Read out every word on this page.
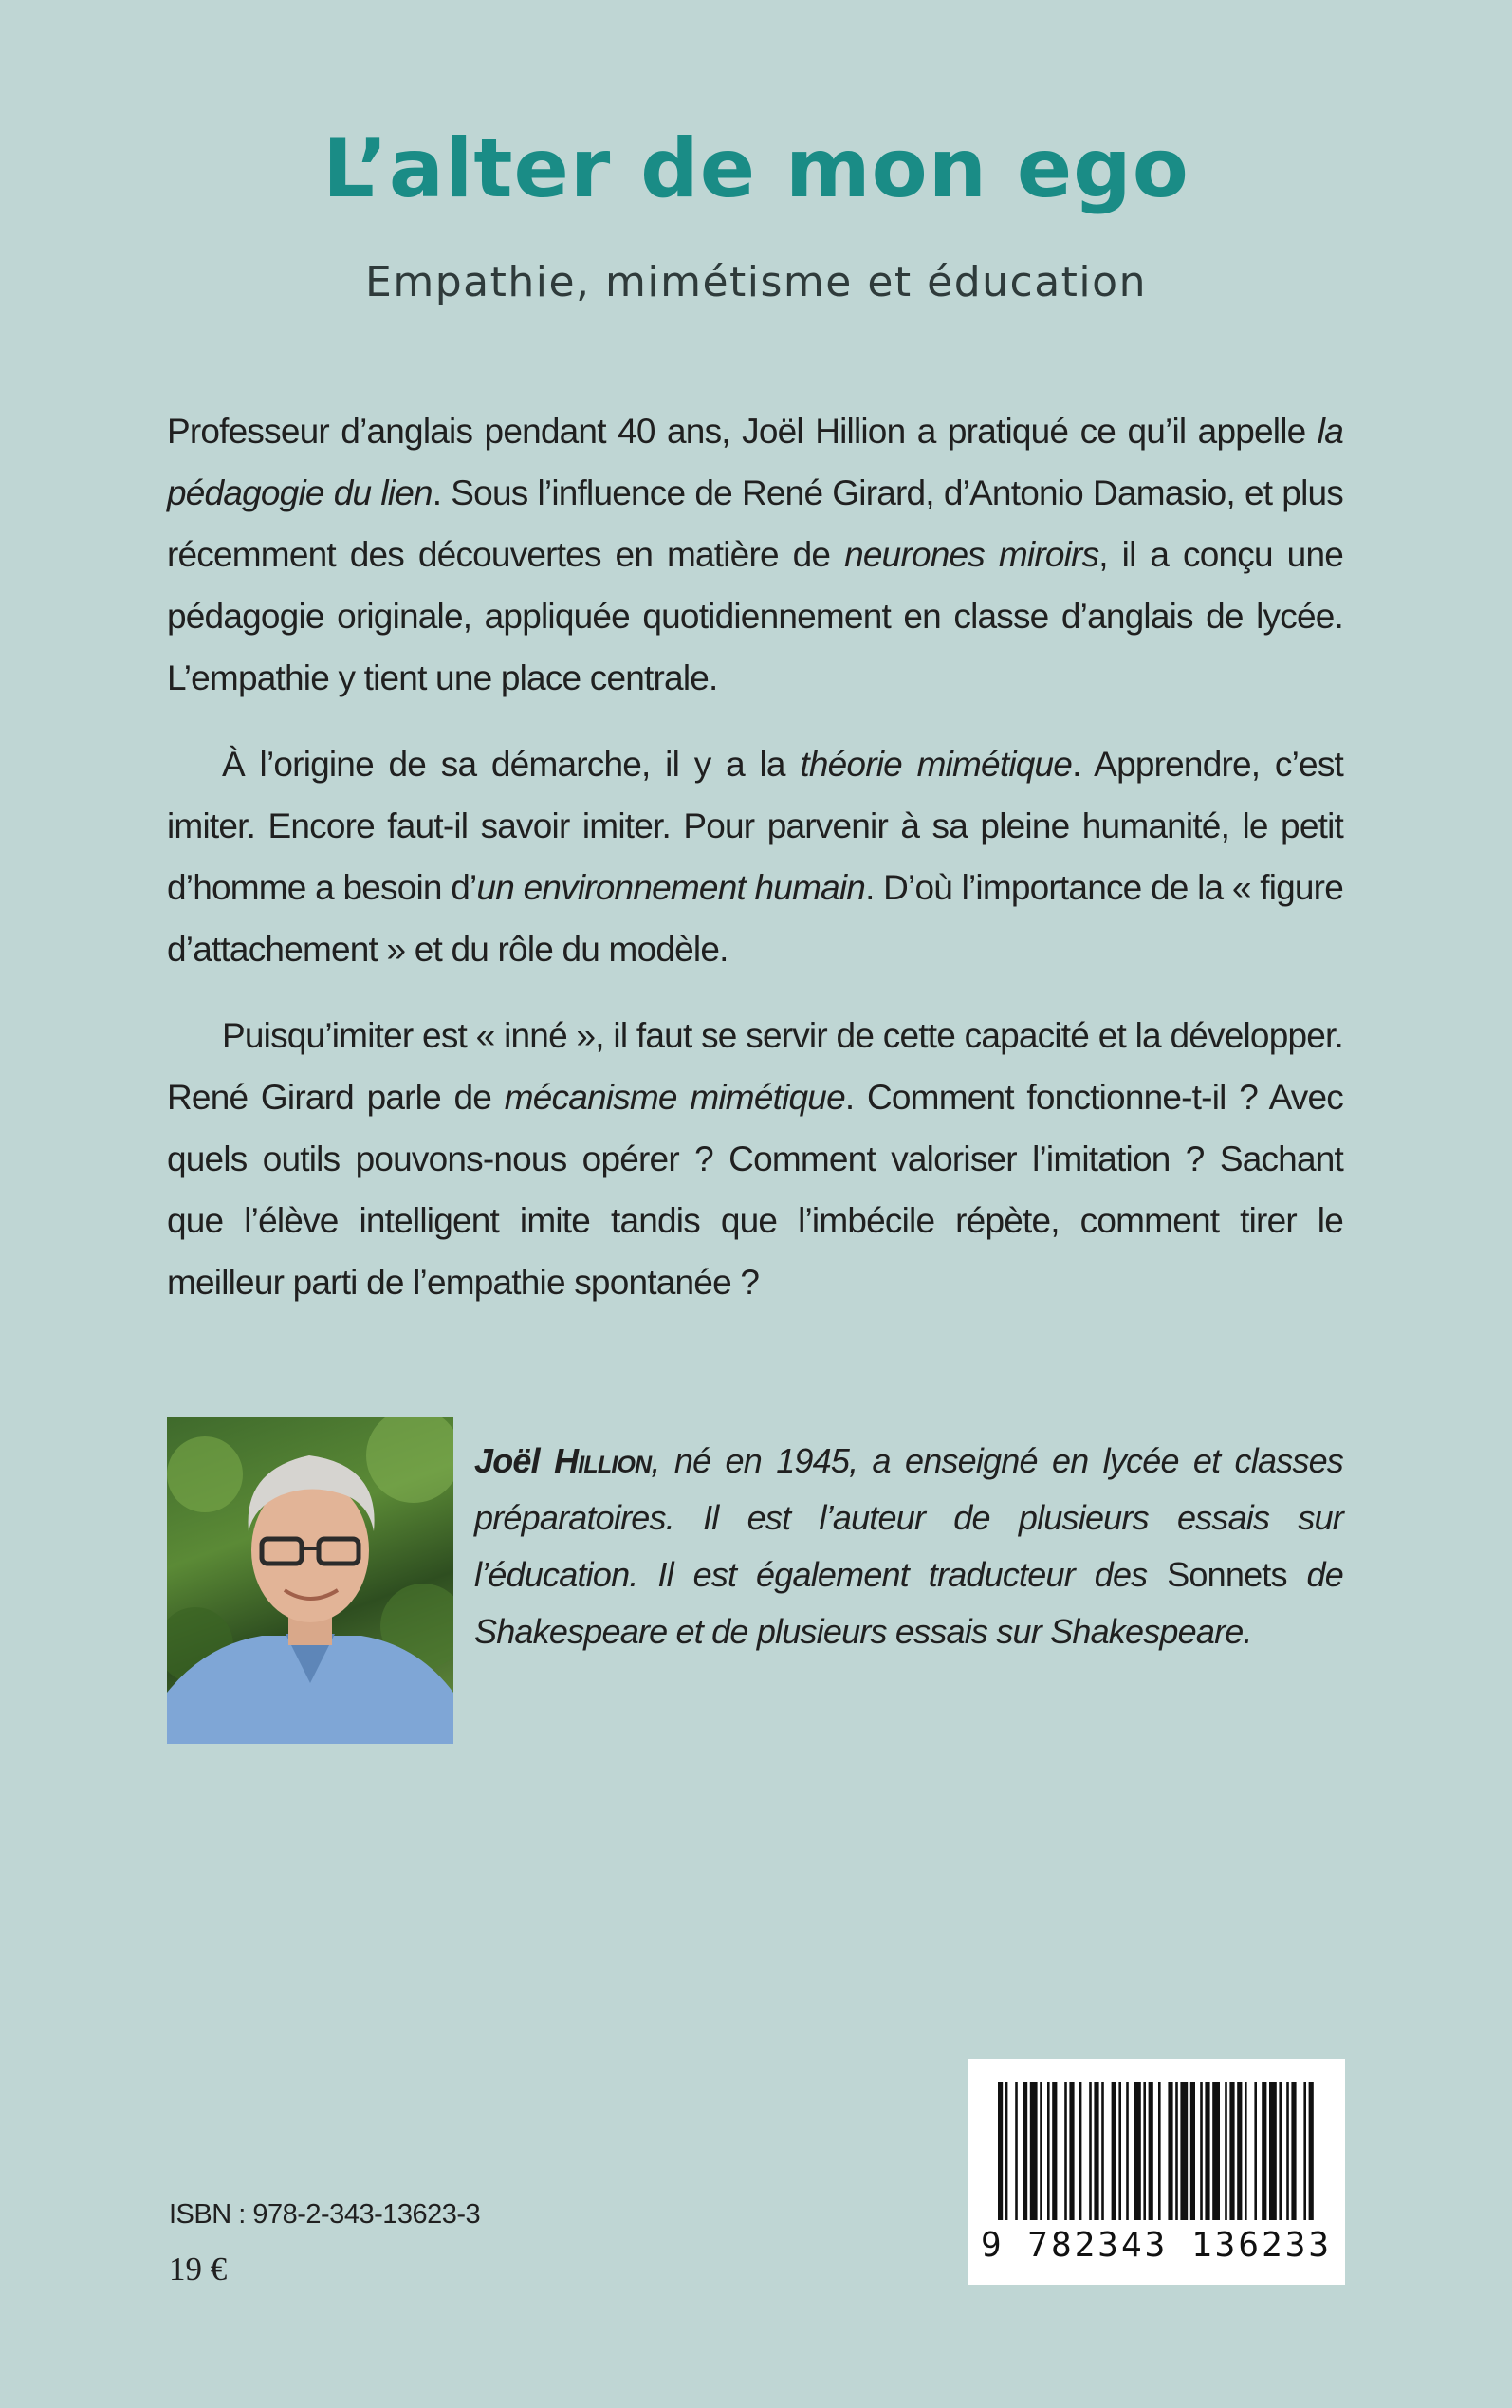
L’alter de mon ego
Empathie, mimétisme et éducation

Professeur d’anglais pendant 40 ans, Joël Hillion a pratiqué ce qu’il appelle la pédagogie du lien. Sous l’influence de René Girard, d’Antonio Damasio, et plus récemment des découvertes en matière de neurones miroirs, il a conçu une pédagogie originale, appliquée quotidiennement en classe d’anglais de lycée. L’empathie y tient une place centrale.

À l’origine de sa démarche, il y a la théorie mimétique. Apprendre, c’est imiter. Encore faut-il savoir imiter. Pour parvenir à sa pleine humanité, le petit d’homme a besoin d’un environnement humain. D’où l’importance de la « figure d’attachement » et du rôle du modèle.

Puisqu’imiter est « inné », il faut se servir de cette capacité et la développer. René Girard parle de mécanisme mimétique. Comment fonctionne-t-il ? Avec quels outils pouvons-nous opérer ? Comment valoriser l’imitation ? Sachant que l’élève intelligent imite tandis que l’imbécile répète, comment tirer le meilleur parti de l’empathie spontanée ?

Joël Hillion, né en 1945, a enseigné en lycée et classes préparatoires. Il est l’auteur de plusieurs essais sur l’éducation. Il est également traducteur des Sonnets de Shakespeare et de plusieurs essais sur Shakespeare.
ISBN : 978-2-343-13623-3
19 €
9 782343 136233
